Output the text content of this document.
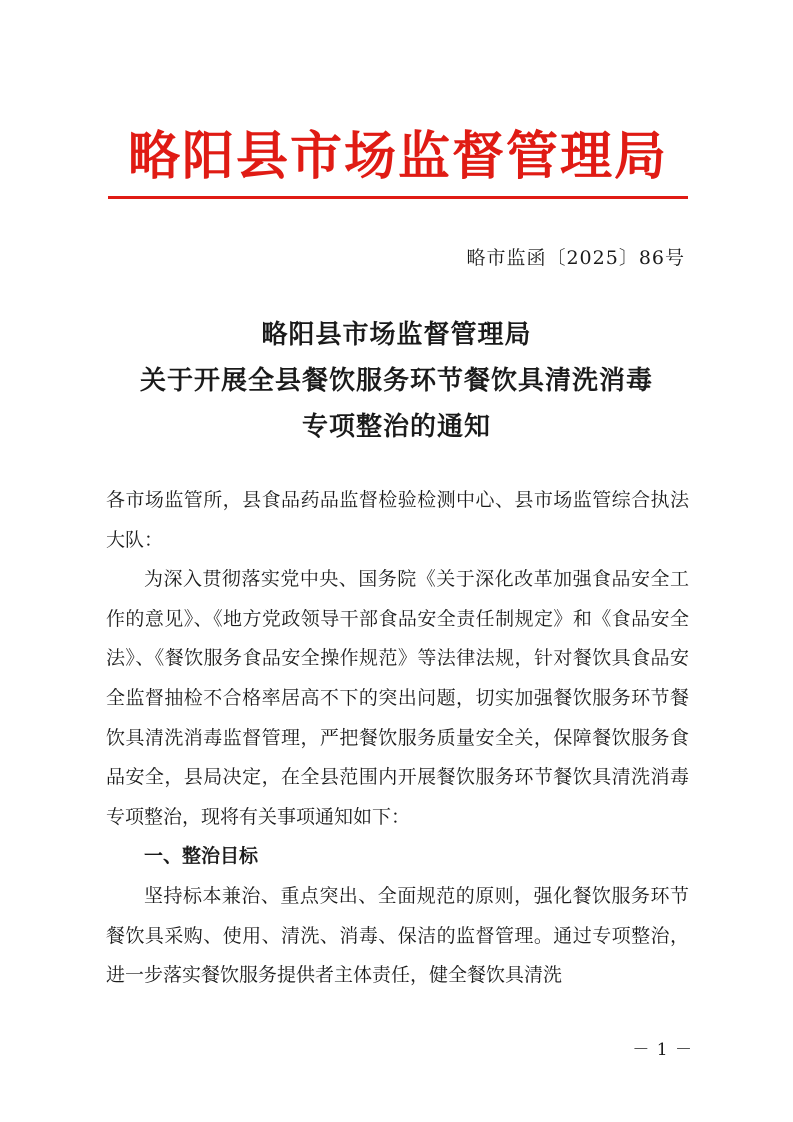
略阳县市场监督管理局
略市监函〔2025〕86号
略阳县市场监督管理局
关于开展全县餐饮服务环节餐饮具清洗消毒
专项整治的通知

各市场监管所，县食品药品监督检验检测中心、县市场监管综合执法大队：

为深入贯彻落实党中央、国务院《关于深化改革加强食品安全工作的意见》、《地方党政领导干部食品安全责任制规定》和《食品安全法》、《餐饮服务食品安全操作规范》等法律法规，针对餐饮具食品安全监督抽检不合格率居高不下的突出问题，切实加强餐饮服务环节餐饮具清洗消毒监督管理，严把餐饮服务质量安全关，保障餐饮服务食品安全，县局决定，在全县范围内开展餐饮服务环节餐饮具清洗消毒专项整治，现将有关事项通知如下：

一、整治目标

坚持标本兼治、重点突出、全面规范的原则，强化餐饮服务环节餐饮具采购、使用、清洗、消毒、保洁的监督管理。通过专项整治，进一步落实餐饮服务提供者主体责任，健全餐饮具清洗

－ 1 －
